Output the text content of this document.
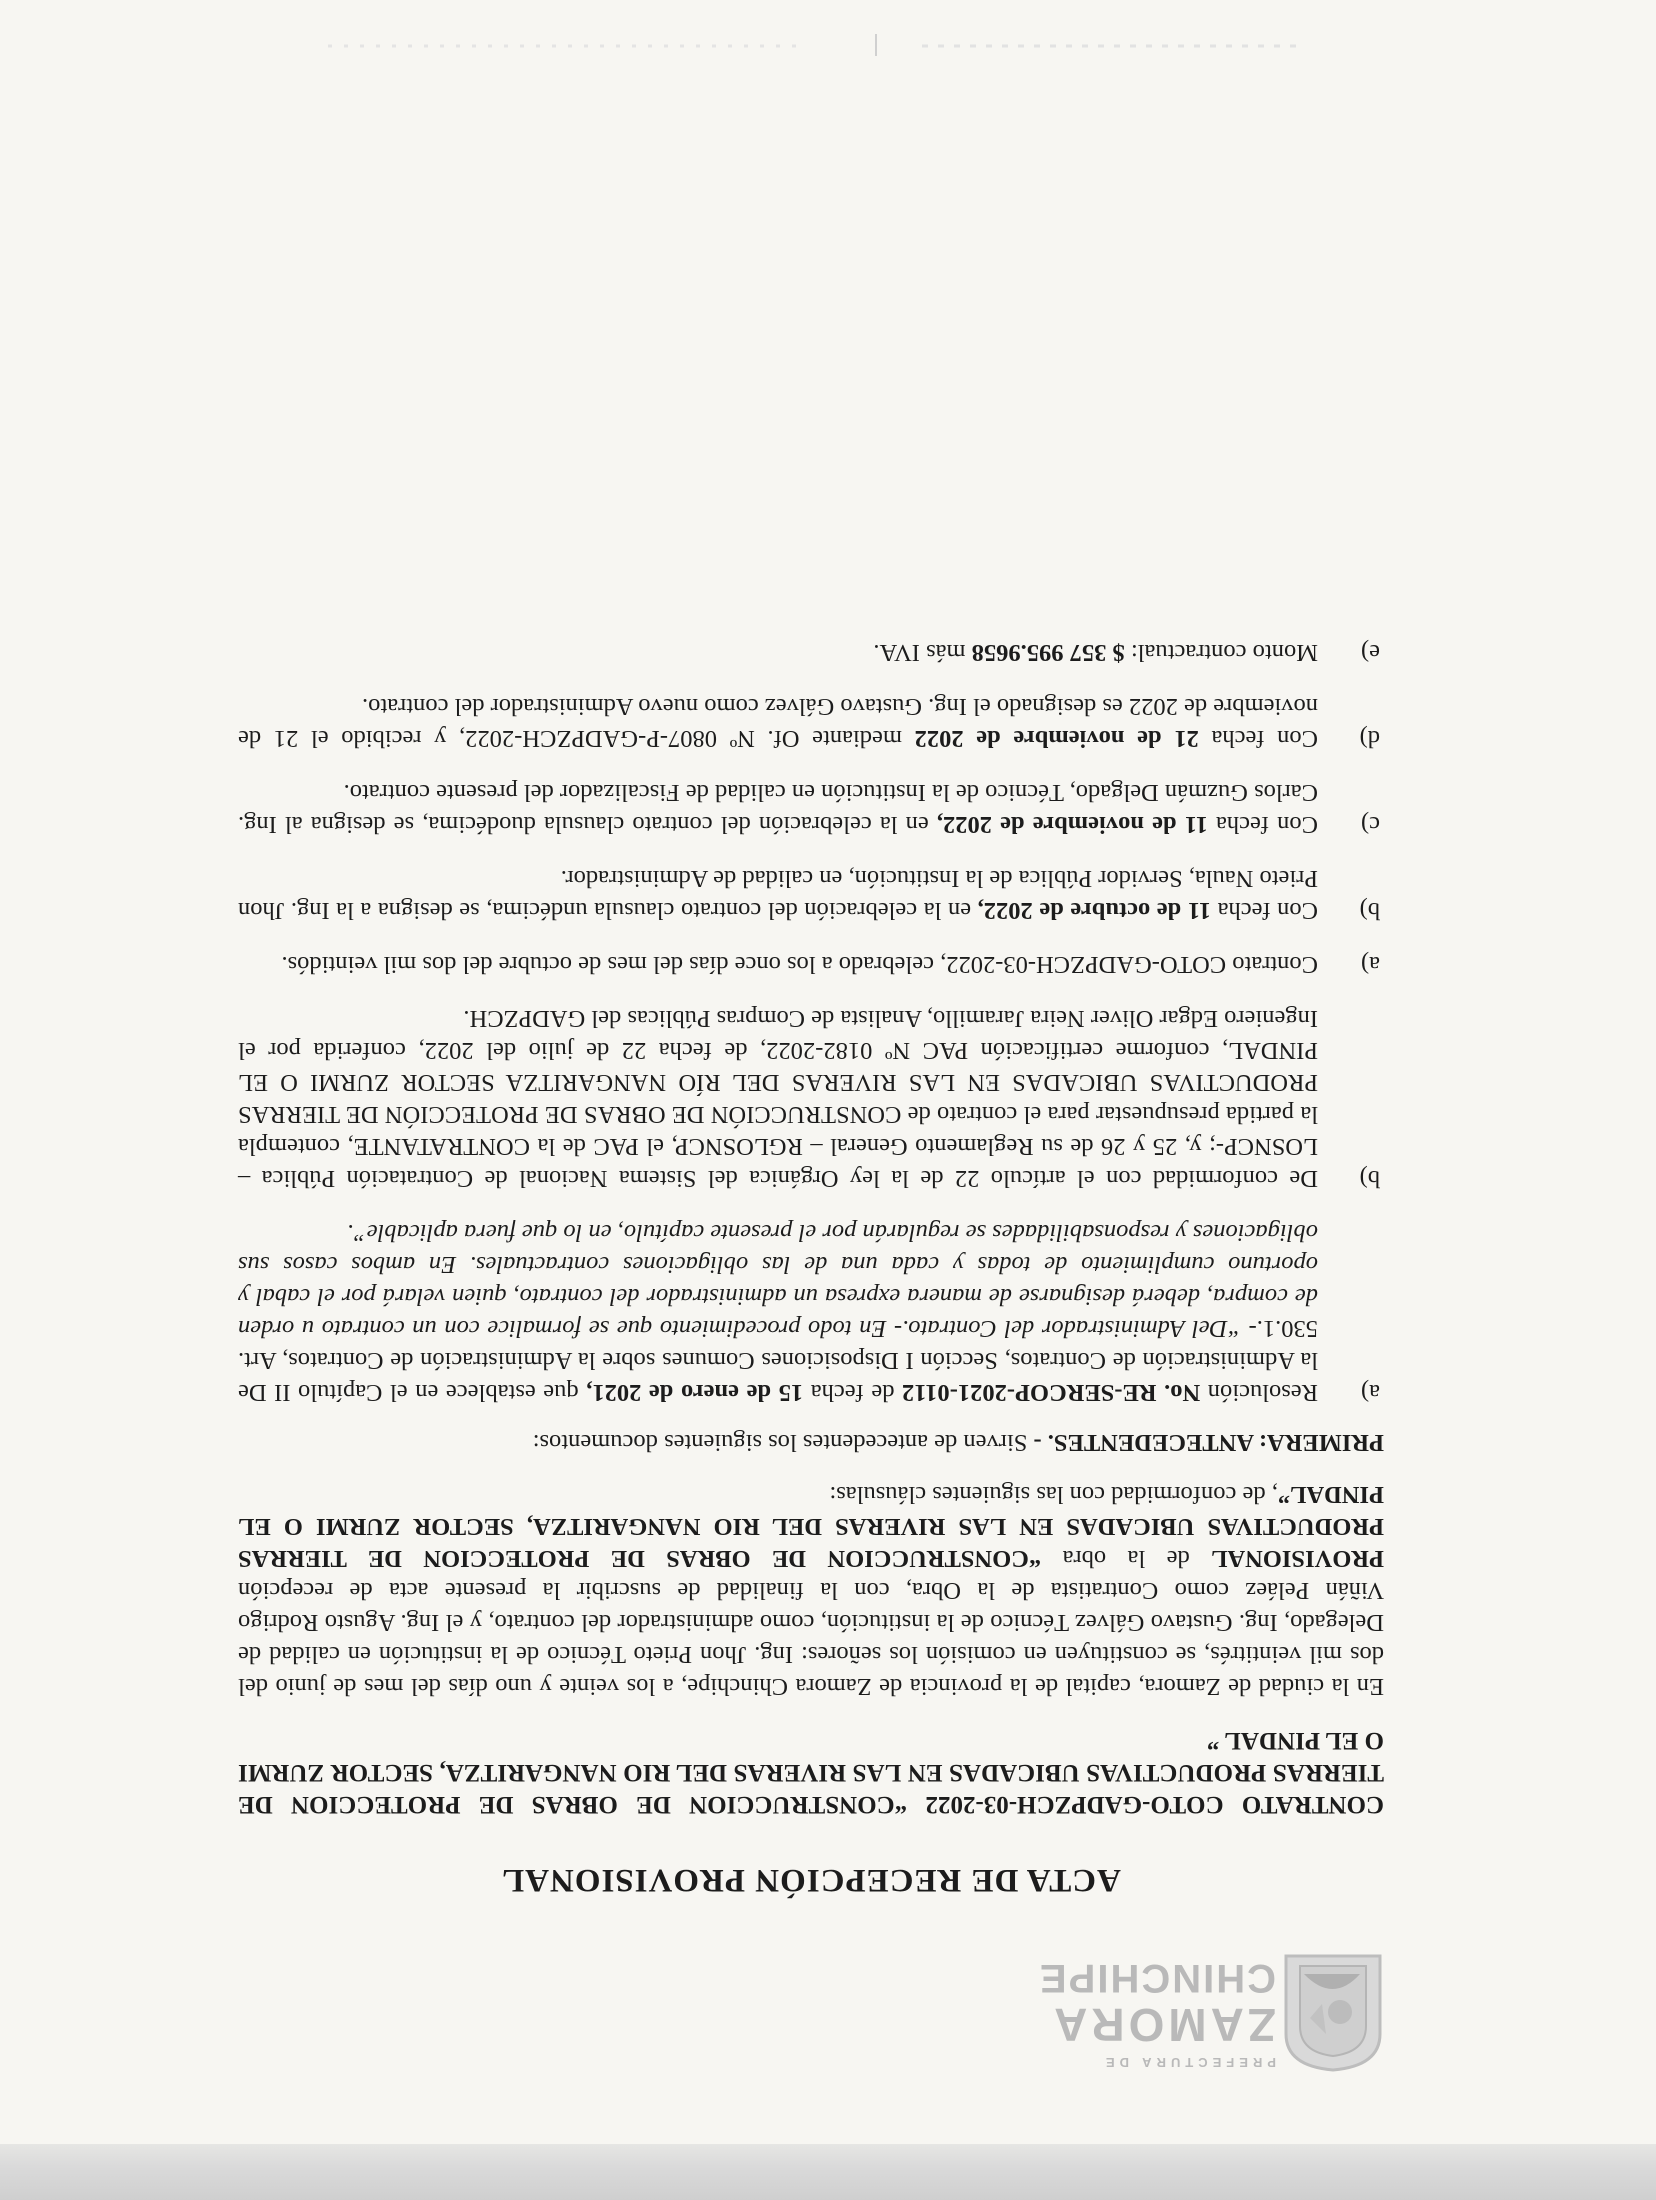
PREFECTURA DE
ZAMORA
CHINCHIPE
ACTA DE RECEPCIÓN PROVISIONAL

CONTRATO COTO-GADPZCH-03-2022 “CONSTRUCCION DE OBRAS DE PROTECCION DE TIERRAS PRODUCTIVAS UBICADAS EN LAS RIVERAS DEL RIO NANGARITZA, SECTOR ZURMI O EL PINDAL ”

En la ciudad de Zamora, capital de la provincia de Zamora Chinchipe, a los veinte y uno días del mes de junio del dos mil veintitrés, se constituyen en comisión los señores: Ing. Jhon Prieto Técnico de la institución en calidad de Delegado, Ing. Gustavo Gálvez Técnico de la institución, como administrador del contrato, y el Ing. Agusto Rodrigo Viñán Peláez como Contratista de la Obra, con la finalidad de suscribir la presente acta de recepción PROVISIONAL de la obra “CONSTRUCCION DE OBRAS DE PROTECCION DE TIERRAS PRODUCTIVAS UBICADAS EN LAS RIVERAS DEL RIO NANGARITZA, SECTOR ZURMI O EL PINDAL”, de conformidad con las siguientes cláusulas:

PRIMERA: ANTECEDENTES. - Sirven de antecedentes los siguientes documentos:

a)
Resolución No. RE-SERCOP-2021-0112 de fecha 15 de enero de 2021, que establece en el Capítulo II De la Administración de Contratos, Sección I Disposiciones Comunes sobre la Administración de Contratos, Art. 530.1.- “Del Administrador del Contrato.- En todo procedimiento que se formalice con un contrato u orden de compra, deberá designarse de manera expresa un administrador del contrato, quien velará por el cabal y oportuno cumplimiento de todas y cada una de las obligaciones contractuales. En ambos casos sus obligaciones y responsabilidades se regularán por el presente capítulo, en lo que fuera aplicable”.
b)
De conformidad con el artículo 22 de la ley Orgánica del Sistema Nacional de Contratación Pública – LOSNCP-; y, 25 y 26 de su Reglamento General – RGLOSNCP, el PAC de la CONTRATANTE, contempla la partida presupuestar para el contrato de CONSTRUCCIÓN DE OBRAS DE PROTECCIÓN DE TIERRAS PRODUCTIVAS UBICADAS EN LAS RIVERAS DEL RÍO NANGARITZA SECTOR ZURMI O EL PINDAL, conforme certificación PAC Nº 0182-2022, de fecha 22 de julio del 2022, conferida por el Ingeniero Edgar Oliver Neira Jaramillo, Analista de Compras Públicas del GADPZCH.
a)
Contrato COTO-GADPZCH-03-2022, celebrado a los once días del mes de octubre del dos mil veintidós.
b)
Con fecha 11 de octubre de 2022, en la celebración del contrato clausula undécima, se designa a la Ing. Jhon Prieto Naula, Servidor Pública de la Institución, en calidad de Administrador.
c)
Con fecha 11 de noviembre de 2022, en la celebración del contrato clausula duodécima, se designa al Ing. Carlos Guzmán Delgado, Técnico de la Institución en calidad de Fiscalizador del presente contrato.
d)
Con fecha 21 de noviembre de 2022 mediante Of. Nº 0807-P-GADPZCH-2022, y recibido el 21 de noviembre de 2022 es designado el Ing. Gustavo Gálvez como nuevo Administrador del contrato.
e)
Monto contractual: $ 357 995.9658 más IVA.
